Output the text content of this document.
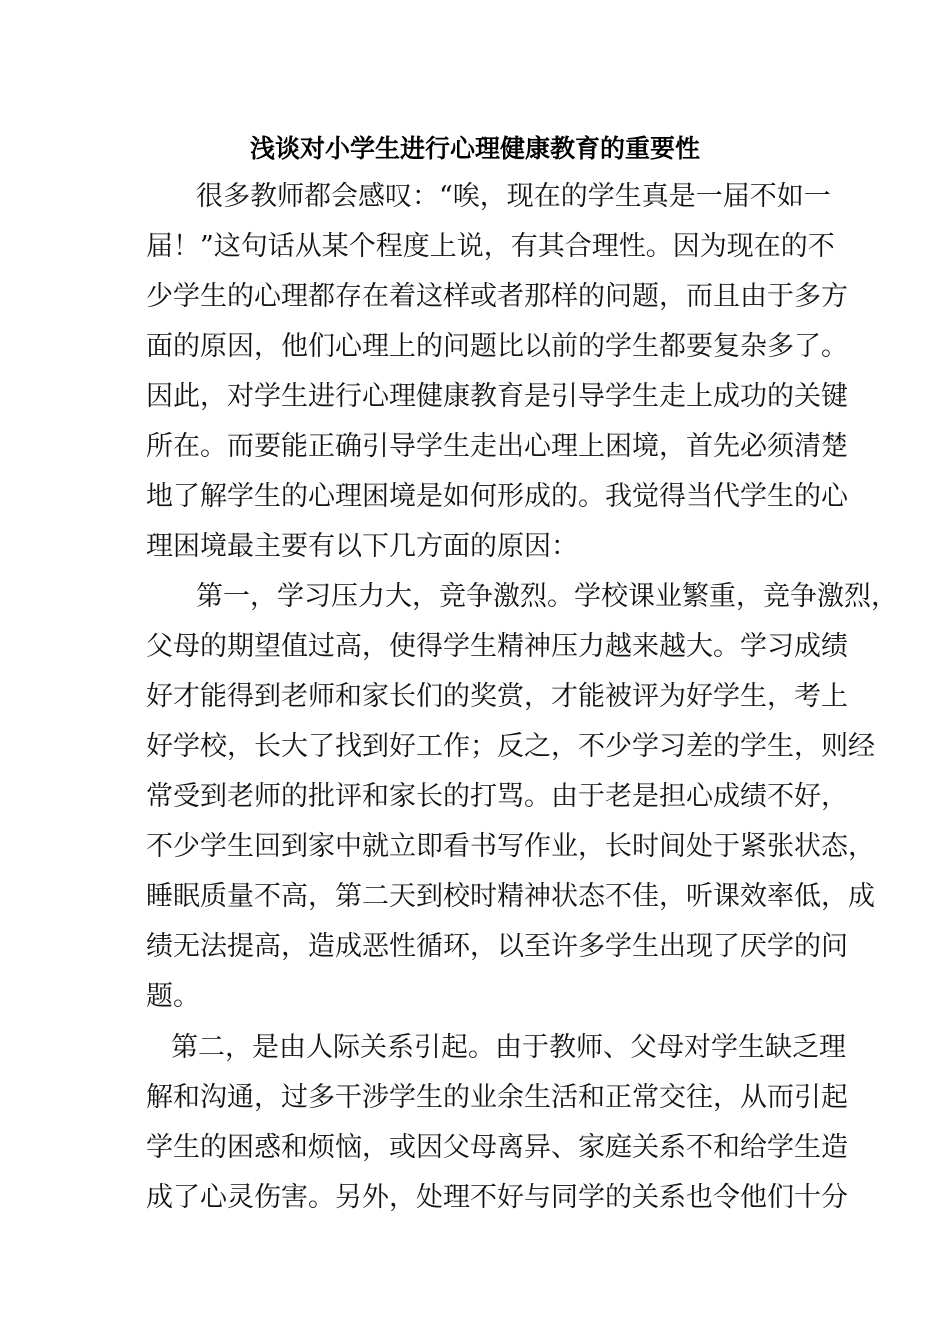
浅谈对小学生进行心理健康教育的重要性
很多教师都会感叹：“唉，现在的学生真是一届不如一
届！”这句话从某个程度上说，有其合理性。因为现在的不
少学生的心理都存在着这样或者那样的问题，而且由于多方
面的原因，他们心理上的问题比以前的学生都要复杂多了。
因此，对学生进行心理健康教育是引导学生走上成功的关键
所在。而要能正确引导学生走出心理上困境，首先必须清楚
地了解学生的心理困境是如何形成的。我觉得当代学生的心
理困境最主要有以下几方面的原因：
第一，学习压力大，竞争激烈。学校课业繁重，竞争激烈，
父母的期望值过高，使得学生精神压力越来越大。学习成绩
好才能得到老师和家长们的奖赏，才能被评为好学生，考上
好学校，长大了找到好工作；反之，不少学习差的学生，则经
常受到老师的批评和家长的打骂。由于老是担心成绩不好，
不少学生回到家中就立即看书写作业，长时间处于紧张状态，
睡眠质量不高，第二天到校时精神状态不佳，听课效率低，成
绩无法提高，造成恶性循环，以至许多学生出现了厌学的问
题。
第二，是由人际关系引起。由于教师、父母对学生缺乏理
解和沟通，过多干涉学生的业余生活和正常交往，从而引起
学生的困惑和烦恼，或因父母离异、家庭关系不和给学生造
成了心灵伤害。另外，处理不好与同学的关系也令他们十分
